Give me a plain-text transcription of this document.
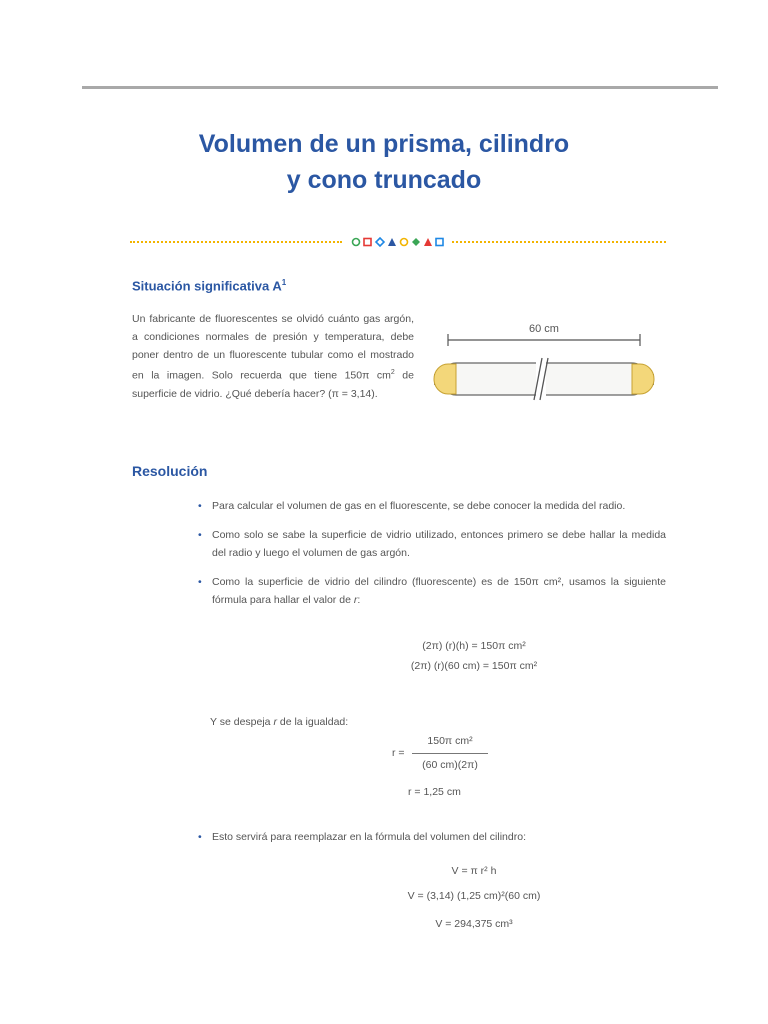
Volumen de un prisma, cilindro
y cono truncado
Situación significativa $A^1$
Un fabricante de fluorescentes se olvidó cuánto gas argón, a condiciones normales de presión y temperatura, debe poner dentro de un fluorescente tubular como el mostrado en la imagen. Solo recuerda que tiene 150π $cm^2$ de superficie de vidrio. ¿Qué debería hacer? (π = 3,14).
60 cm
Resolución
• Para calcular el volumen de gas en el fluorescente, se debe conocer la medida del radio.
• Como solo se sabe la superficie de vidrio utilizado, entonces primero se debe hallar la medida del radio y luego el volumen de gas argón.
• Como la superficie de vidrio del cilindro (fluorescente) es de 150π cm², usamos la siguiente fórmula para hallar el valor de r:
• Esto servirá para reemplazar en la fórmula del volumen del cilindro:
(2π) (r)(h) = 150π cm²
(2π) (r)(60 cm) = 150π cm²
Y se despeja r de la igualdad:
r =
150π cm²
(60 cm)(2π)
r = 1,25 cm
V = π r² h
V = (3,14) (1,25 cm)²(60 cm)
V = 294,375 cm³
